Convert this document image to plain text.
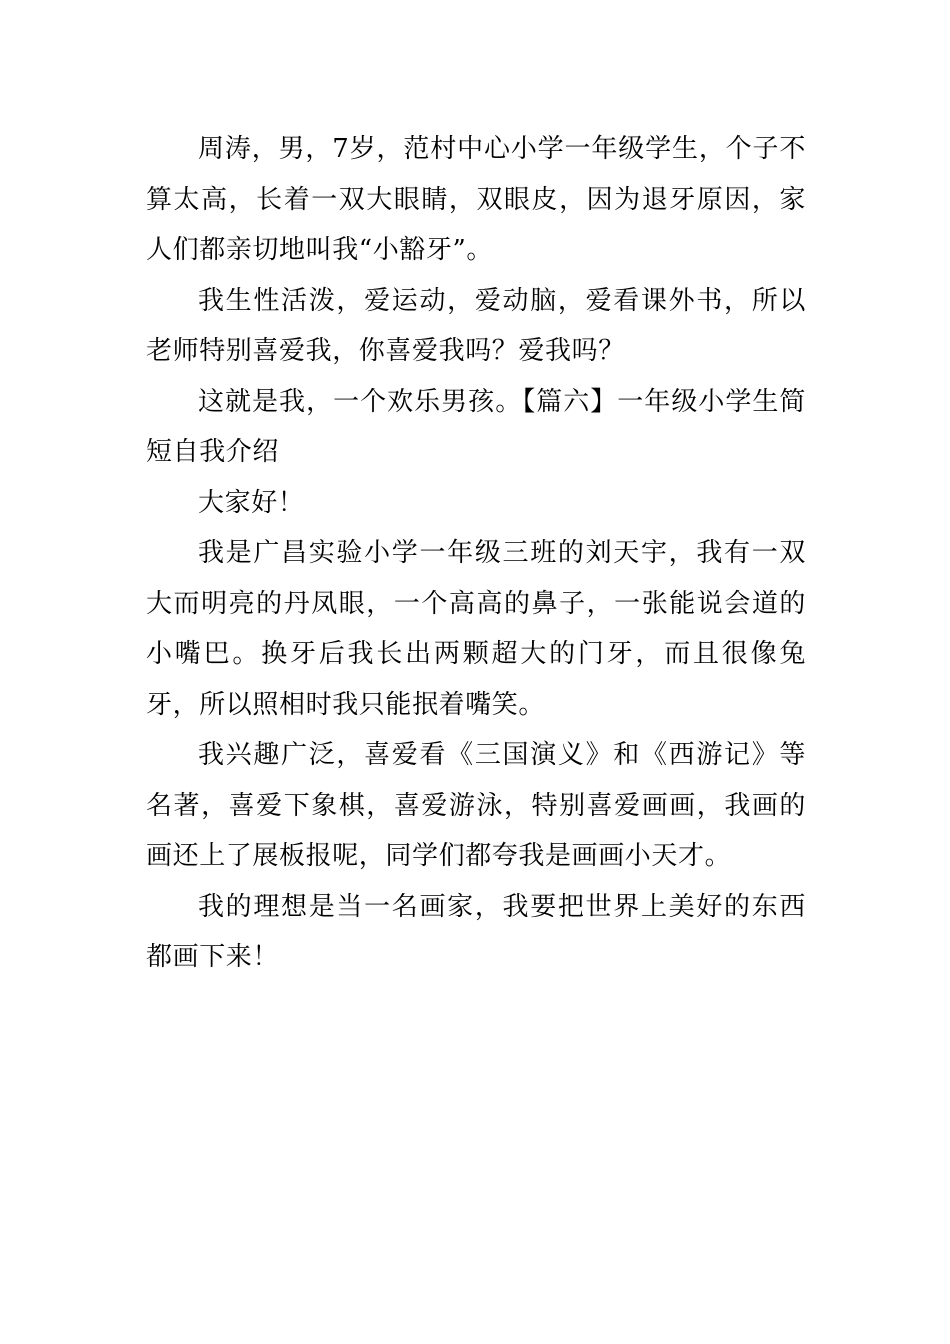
周涛，男，7岁，范村中心小学一年级学生，个子不算太高，长着一双大眼睛，双眼皮，因为退牙原因，家人们都亲切地叫我“小豁牙”。

我生性活泼，爱运动，爱动脑，爱看课外书，所以老师特别喜爱我，你喜爱我吗？爱我吗？

这就是我，一个欢乐男孩。【篇六】一年级小学生简短自我介绍

大家好！

我是广昌实验小学一年级三班的刘天宇，我有一双大而明亮的丹凤眼，一个高高的鼻子，一张能说会道的小嘴巴。换牙后我长出两颗超大的门牙，而且很像兔牙，所以照相时我只能抿着嘴笑。

我兴趣广泛，喜爱看《三国演义》和《西游记》等名著，喜爱下象棋，喜爱游泳，特别喜爱画画，我画的画还上了展板报呢，同学们都夸我是画画小天才。

我的理想是当一名画家，我要把世界上美好的东西都画下来！
